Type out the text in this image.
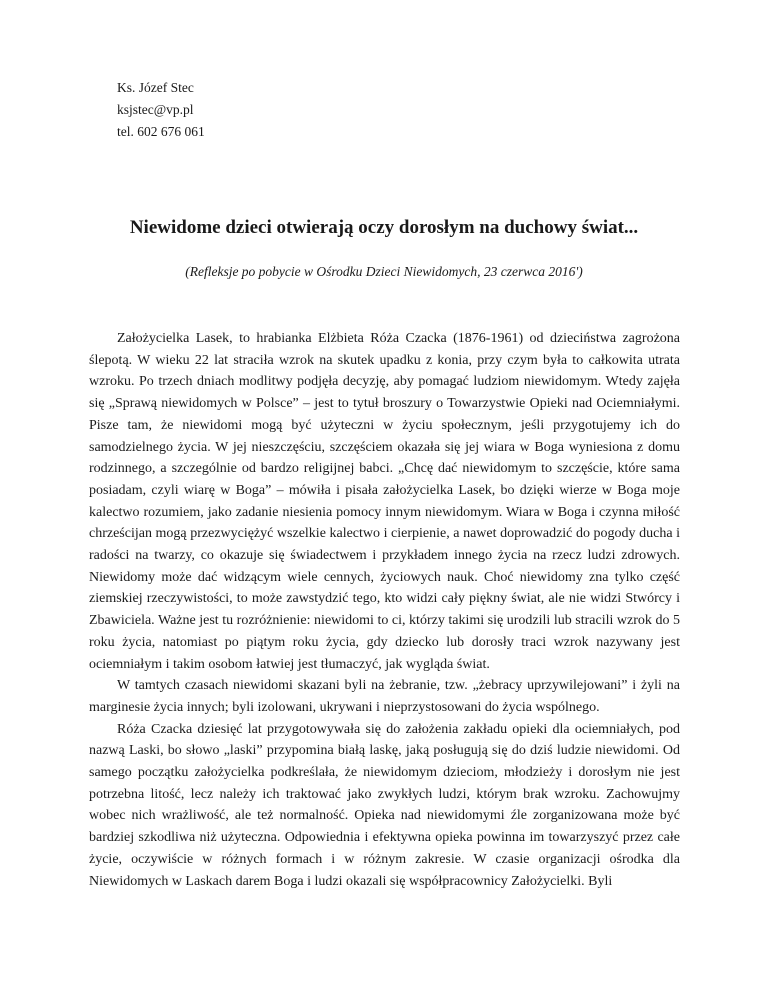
Ks. Józef Stec
ksjstec@vp.pl
tel. 602 676 061
Niewidome dzieci otwierają oczy dorosłym na duchowy świat...
(Refleksje po pobycie w Ośrodku Dzieci Niewidomych, 23 czerwca 2016')

Założycielka Lasek, to hrabianka Elżbieta Róża Czacka (1876-1961) od dzieciństwa zagrożona ślepotą. W wieku 22 lat straciła wzrok na skutek upadku z konia, przy czym była to całkowita utrata wzroku. Po trzech dniach modlitwy podjęła decyzję, aby pomagać ludziom niewidomym. Wtedy zajęła się „Sprawą niewidomych w Polsce” – jest to tytuł broszury o Towarzystwie Opieki nad Ociemniałymi. Pisze tam, że niewidomi mogą być użyteczni w życiu społecznym, jeśli przygotujemy ich do samodzielnego życia. W jej nieszczęściu, szczęściem okazała się jej wiara w Boga wyniesiona z domu rodzinnego, a szczególnie od bardzo religijnej babci. „Chcę dać niewidomym to szczęście, które sama posiadam, czyli wiarę w Boga” – mówiła i pisała założycielka Lasek, bo dzięki wierze w Boga moje kalectwo rozumiem, jako zadanie niesienia pomocy innym niewidomym. Wiara w Boga i czynna miłość chrześcijan mogą przezwyciężyć wszelkie kalectwo i cierpienie, a nawet doprowadzić do pogody ducha i radości na twarzy, co okazuje się świadectwem i przykładem innego życia na rzecz ludzi zdrowych. Niewidomy może dać widzącym wiele cennych, życiowych nauk. Choć niewidomy zna tylko część ziemskiej rzeczywistości, to może zawstydzić tego, kto widzi cały piękny świat, ale nie widzi Stwórcy i Zbawiciela. Ważne jest tu rozróżnienie: niewidomi to ci, którzy takimi się urodzili lub stracili wzrok do 5 roku życia, natomiast po piątym roku życia, gdy dziecko lub dorosły traci wzrok nazywany jest ociemniałym i takim osobom łatwiej jest tłumaczyć, jak wygląda świat.

W tamtych czasach niewidomi skazani byli na żebranie, tzw. „żebracy uprzywilejowani” i żyli na marginesie życia innych; byli izolowani, ukrywani i nieprzystosowani do życia wspólnego.

Róża Czacka dziesięć lat przygotowywała się do założenia zakładu opieki dla ociemniałych, pod nazwą Laski, bo słowo „laski” przypomina białą laskę, jaką posługują się do dziś ludzie niewidomi. Od samego początku założycielka podkreślała, że niewidomym dzieciom, młodzieży i dorosłym nie jest potrzebna litość, lecz należy ich traktować jako zwykłych ludzi, którym brak wzroku. Zachowujmy wobec nich wrażliwość, ale też normalność. Opieka nad niewidomymi źle zorganizowana może być bardziej szkodliwa niż użyteczna. Odpowiednia i efektywna opieka powinna im towarzyszyć przez całe życie, oczywiście w różnych formach i w różnym zakresie. W czasie organizacji ośrodka dla Niewidomych w Laskach darem Boga i ludzi okazali się współpracownicy Założycielki. Byli
